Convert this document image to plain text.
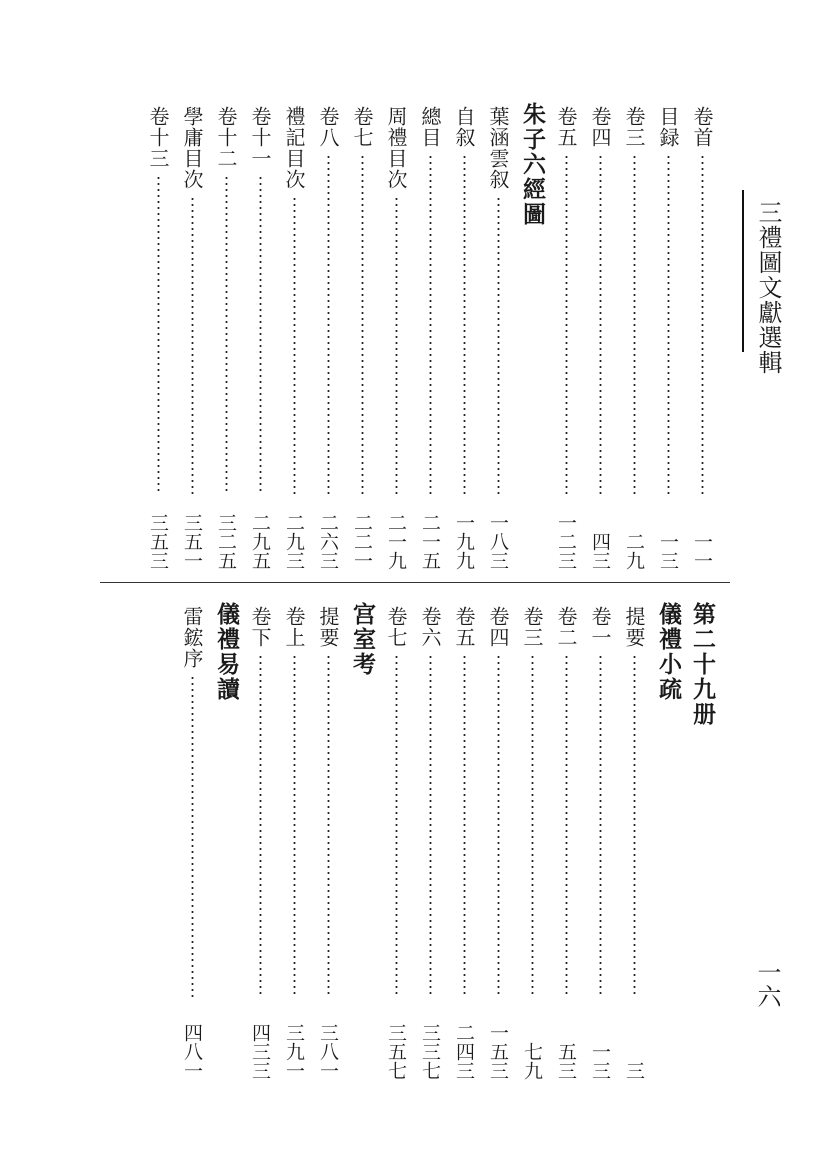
三禮圖文獻選輯
一六
卷首
一一
目録
一三
卷三
二九
卷四
四三
卷五
一二三
朱子六經圖
葉涵雲叙
一八三
自叙
一九九
總目
二一五
周禮目次
二一九
卷七
二二一
卷八
二六三
禮記目次
二九三
卷十一
二九五
卷十二
三二五
學庸目次
三五一
卷十三
三五三
第二十九册
儀禮小疏
提要
三
卷一
一三
卷二
五三
卷三
七九
卷四
一五三
卷五
二四三
卷六
三三七
卷七
三五七
宫室考
提要
三八一
卷上
三九一
卷下
四三三
儀禮易讀
雷鋐序
四八一
